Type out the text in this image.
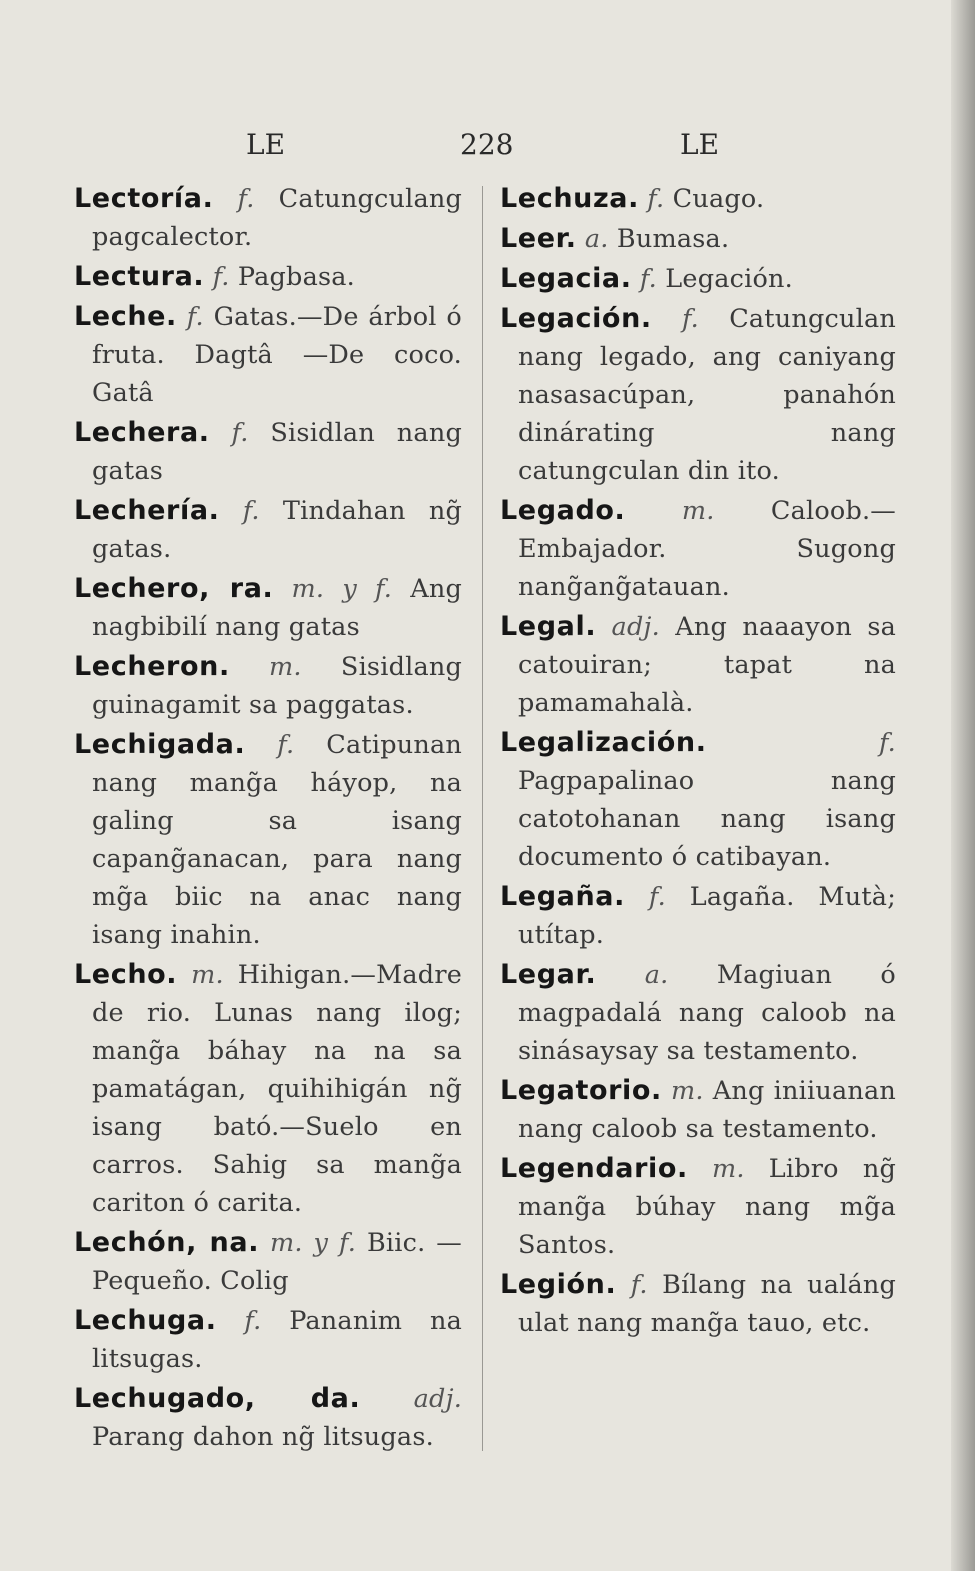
LE	228	LE

Lectoría. f. Catungculang pagcalector.

Lectura. f. Pagbasa.

Leche. f. Gatas.—De árbol ó fruta. Dagtâ —De coco. Gatâ

Lechera. f. Sisidlan nang gatas

Lechería. f. Tindahan ng̃ gatas.

Lechero, ra. m. y f. Ang nagbibilí nang gatas

Lecheron. m. Sisidlang guinagamit sa paggatas.

Lechigada. f. Catipunan nang mang̃a háyop, na galing sa isang capang̃anacan, para nang mg̃a biic na anac nang isang inahin.

Lecho. m. Hihigan.—Madre de rio. Lunas nang ilog; mang̃a báhay na na sa pamatágan, quihihigán ng̃ isang bató.—Suelo en carros. Sahig sa mang̃a cariton ó carita.

Lechón, na. m. y f. Biic. —Pequeño. Colig

Lechuga. f. Pananim na litsugas.

Lechugado, da. adj. Parang dahon ng̃ litsugas.

Lechuza. f. Cuago.

Leer. a. Bumasa.

Legacia. f. Legación.

Legación. f. Catungculan nang legado, ang caniyang nasasacúpan, panahón dinárating nang catungculan din ito.

Legado. m. Caloob.—Embajador. Sugong nang̃ang̃atauan.

Legal. adj. Ang naaayon sa catouiran; tapat na pamamahalà.

Legalización.	f. Pagpapalinao nang catotohanan nang isang documento ó catibayan.

Legaña. f. Lagaña. Mutà; utítap.

Legar. a. Magiuan ó magpadalá nang caloob na sinásaysay sa testamento.

Legatorio. m. Ang iniiuanan nang caloob sa testamento.

Legendario. m. Libro ng̃ mang̃a búhay nang mg̃a Santos.

Legión. f. Bílang na ualáng ulat nang mang̃a tauo, etc.
